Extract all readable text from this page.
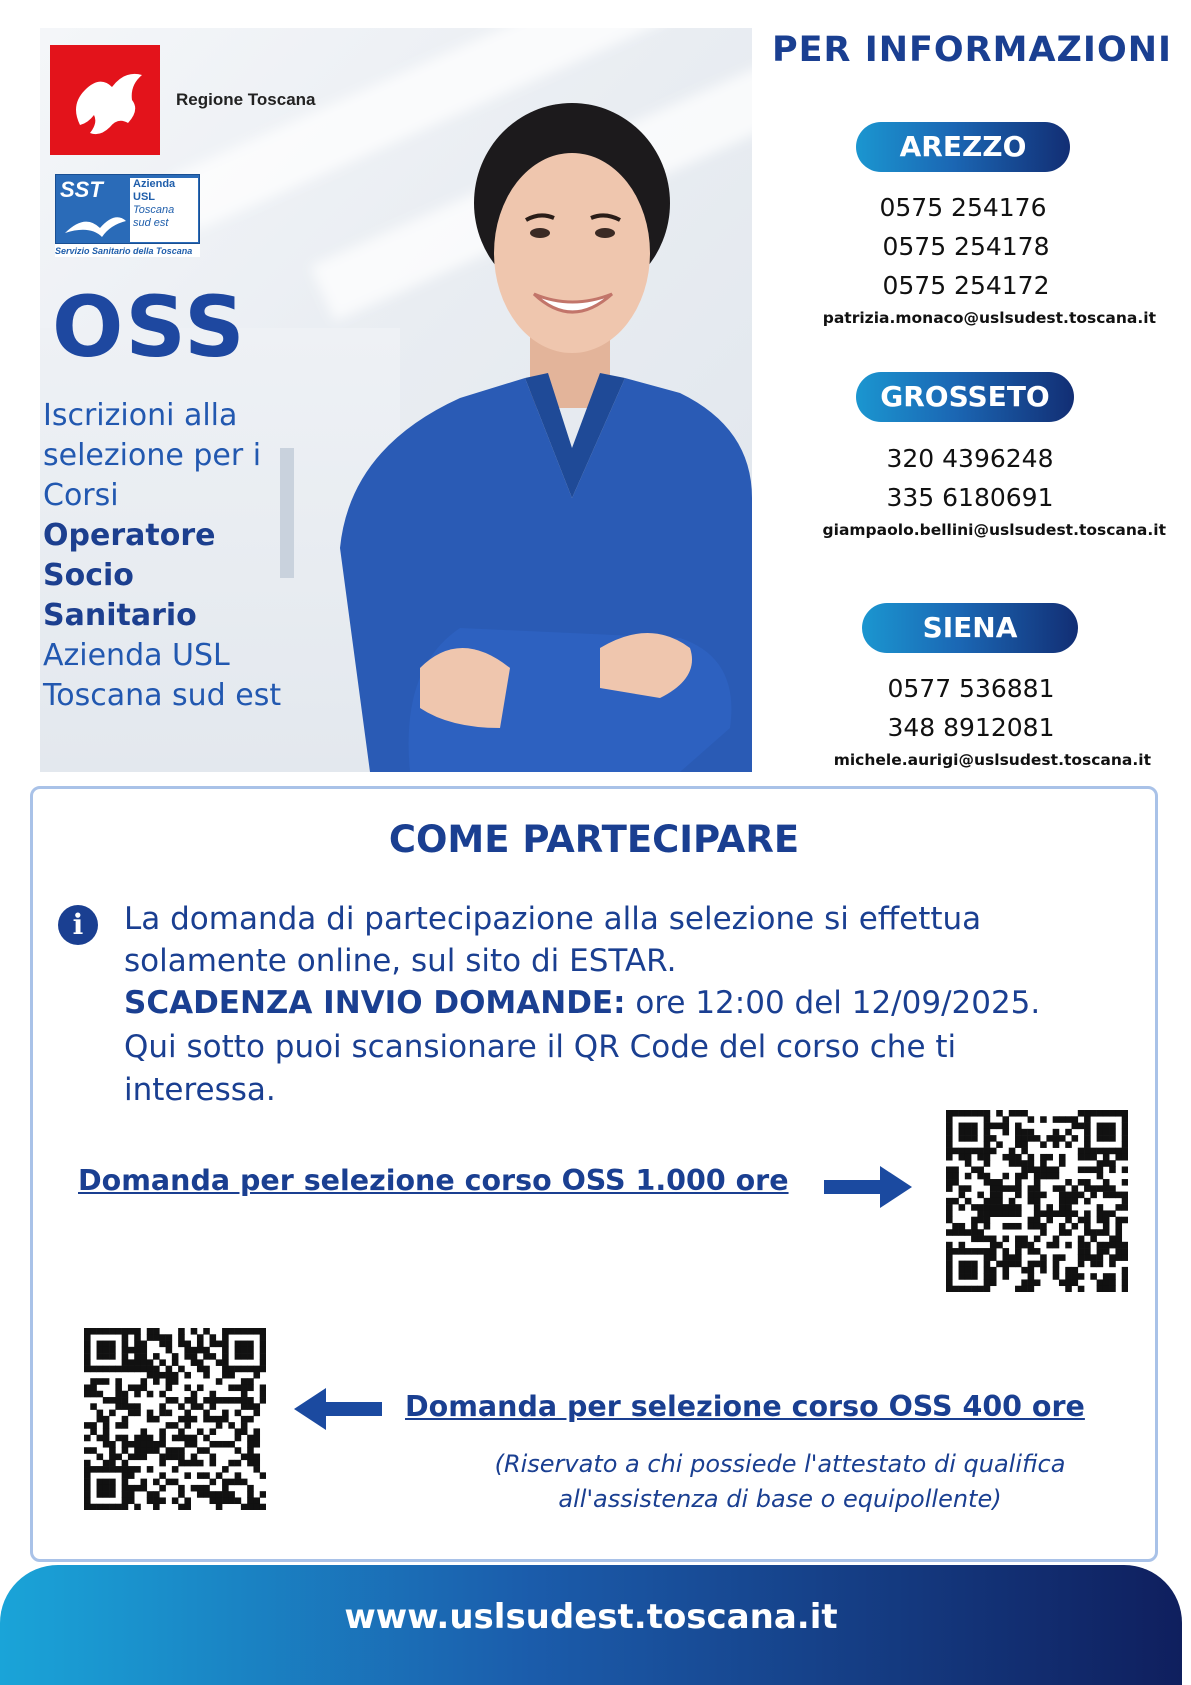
Regione Toscana
SST	Azienda
USL
Toscana
sud est
Servizio Sanitario della Toscana
OSS
Iscrizioni alla
selezione per i
Corsi
Operatore
Socio
Sanitario
Azienda USL
Toscana sud est
PER INFORMAZIONI
AREZZO
0575 254176
0575 254178
0575 254172
patrizia.monaco@uslsudest.toscana.it
GROSSETO
320 4396248
335 6180691
giampaolo.bellini@uslsudest.toscana.it
SIENA
0577 536881
348 8912081
michele.aurigi@uslsudest.toscana.it
COME PARTECIPARE
i	La domanda di partecipazione alla selezione si effettua
solamente online, sul sito di ESTAR.
SCADENZA INVIO DOMANDE: ore 12:00 del 12/09/2025.
Qui sotto puoi scansionare il QR Code del corso che ti
interessa.
Domanda per selezione corso OSS 1.000 ore
Domanda per selezione corso OSS 400 ore
(Riservato a chi possiede l'attestato di qualifica
all'assistenza di base o equipollente)
www.uslsudest.toscana.it
